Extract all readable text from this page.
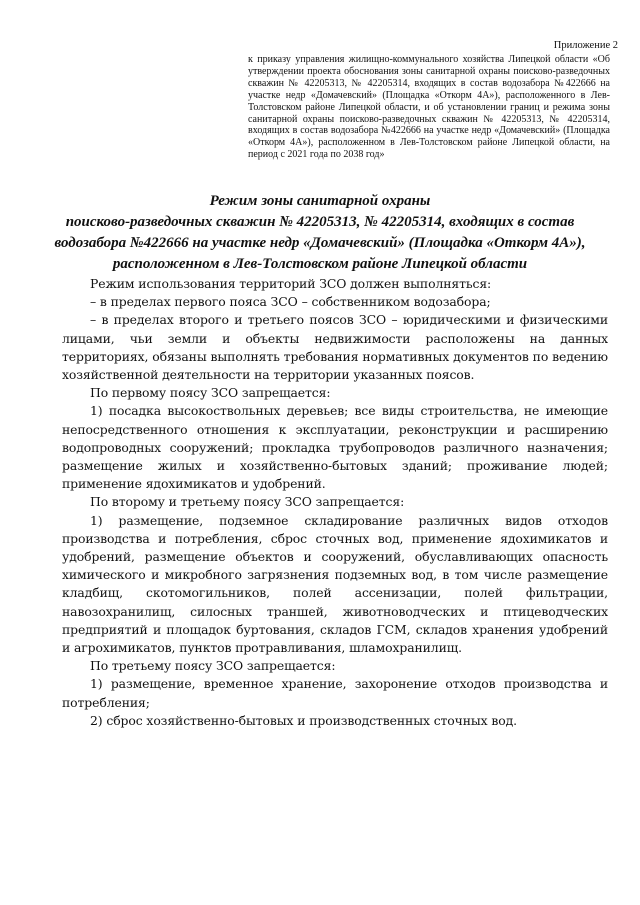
Приложение 2

к приказу управления жилищно-коммунального хозяйства Липецкой области «Об утверждении проекта обоснования зоны санитарной охраны поисково-разведочных скважин № 42205313, № 42205314, входящих в состав водозабора №422666 на участке недр «Домачевский» (Площадка «Откорм 4А»), расположенного в Лев-Толстовском районе Липецкой области, и об установлении границ и режима зоны санитарной охраны поисково-разведочных скважин № 42205313, № 42205314, входящих в состав водозабора №422666 на участке недр «Домачевский» (Площадка «Откорм 4А»), расположенном в Лев-Толстовском районе Липецкой области, на период с 2021 года по 2038 год»

Режим зоны санитарной охраны
поисково-разведочных скважин № 42205313, № 42205314, входящих в состав
водозабора №422666 на участке недр «Домачевский» (Площадка «Откорм 4А»),
расположенном в Лев-Толстовском районе Липецкой области

Режим использования территорий ЗСО должен выполняться:

– в пределах первого пояса ЗСО – собственником водозабора;

– в пределах второго и третьего поясов ЗСО – юридическими и физическими лицами, чьи земли и объекты недвижимости расположены на данных территориях, обязаны выполнять требования нормативных документов по ведению хозяйственной деятельности на территории указанных поясов.

По первому поясу ЗСО запрещается:

1) посадка высокоствольных деревьев; все виды строительства, не имеющие непосредственного отношения к эксплуатации, реконструкции и расширению водопроводных сооружений; прокладка трубопроводов различного назначения; размещение жилых и хозяйственно-бытовых зданий; проживание людей; применение ядохимикатов и удобрений.

По второму и третьему поясу ЗСО запрещается:

1) размещение, подземное складирование различных видов отходов производства и потребления, сброс сточных вод, применение ядохимикатов и удобрений, размещение объектов и сооружений, обуславливающих опасность химического и микробного загрязнения подземных вод, в том числе размещение кладбищ, скотомогильников, полей ассенизации, полей фильтрации, навозохранилищ, силосных траншей, животноводческих и птицеводческих предприятий и площадок буртования, складов ГСМ, складов хранения удобрений и агрохимикатов, пунктов протравливания, шламохранилищ.

По третьему поясу ЗСО запрещается:

1) размещение, временное хранение, захоронение отходов производства и потребления;

2) сброс хозяйственно-бытовых и производственных сточных вод.
